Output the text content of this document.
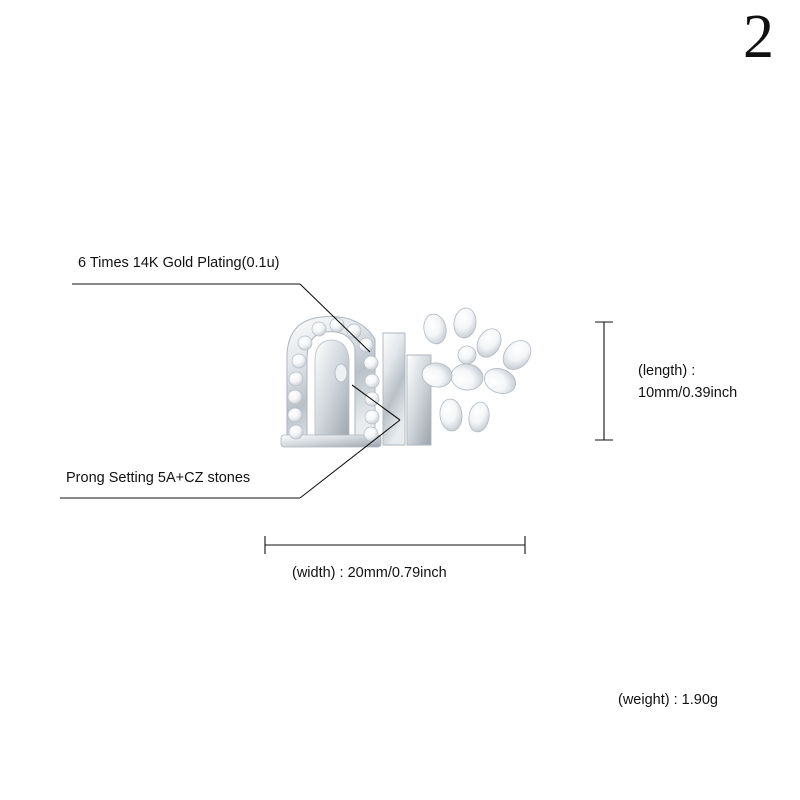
2
6 Times 14K Gold Plating(0.1u)
Prong Setting 5A+CZ stones
(length) :
10mm/0.39inch
(width) : 20mm/0.79inch
(weight) : 1.90g
